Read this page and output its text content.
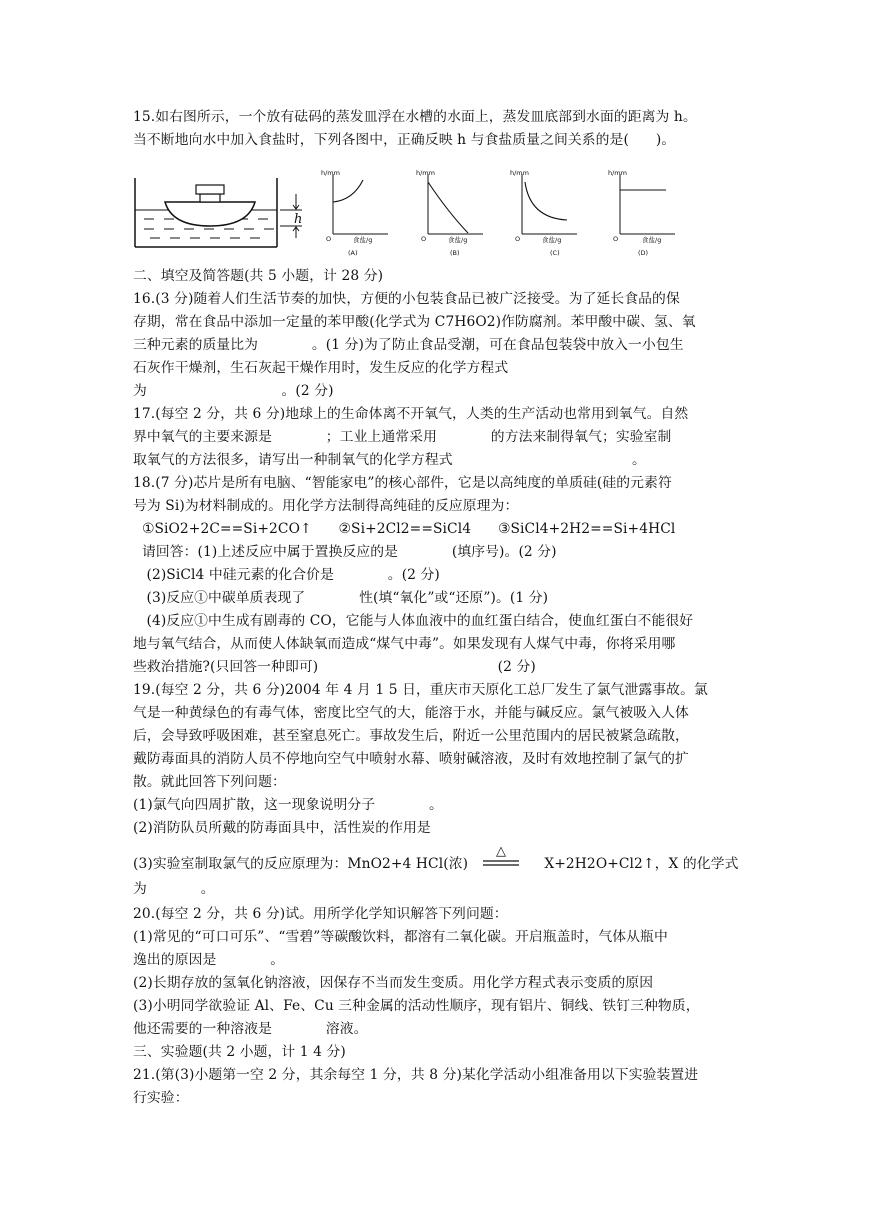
15.如右图所示，一个放有砝码的蒸发皿浮在水槽的水面上，蒸发皿底部到水面的距离为 h。
当不断地向水中加入食盐时，下列各图中，正确反映 h 与食盐质量之间关系的是(      )。
h
h/mm
食盐/g
O
(A)
h/mm
食盐/g
O
(B)
h/mm
食盐/g
O
(C)
h/mm
食盐/g
O
(D)
二、填空及简答题(共 5 小题，计 28 分)
16.(3 分)随着人们生活节奏的加快，方便的小包装食品已被广泛接受。为了延长食品的保
存期，常在食品中添加一定量的苯甲酸(化学式为 C7H6O2)作防腐剂。苯甲酸中碳、氢、氧
三种元素的质量比为            。(1 分)为了防止食品受潮，可在食品包装袋中放入一小包生
石灰作干燥剂，生石灰起干燥作用时，发生反应的化学方程式
为                              。(2 分)
17.(每空 2 分，共 6 分)地球上的生命体离不开氧气，人类的生产活动也常用到氧气。自然
界中氧气的主要来源是            ；工业上通常采用            的方法来制得氧气；实验室制
取氧气的方法很多，请写出一种制氧气的化学方程式                                        。
18.(7 分)芯片是所有电脑、“智能家电”的核心部件，它是以高纯度的单质硅(硅的元素符
号为 Si)为材料制成的。用化学方法制得高纯硅的反应原理为：
①SiO2+2C==Si+2CO↑      ②Si+2Cl2==SiCl4      ③SiCl4+2H2==Si+4HCl
请回答：(1)上述反应中属于置换反应的是            (填序号)。(2 分)
(2)SiCl4 中硅元素的化合价是            。(2 分)
(3)反应①中碳单质表现了            性(填“氧化”或“还原”)。(1 分)
(4)反应①中生成有剧毒的 CO，它能与人体血液中的血红蛋白结合，使血红蛋白不能很好
地与氧气结合，从而使人体缺氧而造成“煤气中毒”。如果发现有人煤气中毒，你将采用哪
些救治措施?(只回答一种即可)                                        (2 分)
19.(每空 2 分，共 6 分)2004 年 4 月 1 5 日，重庆市天原化工总厂发生了氯气泄露事故。氯
气是一种黄绿色的有毒气体，密度比空气的大，能溶于水，并能与碱反应。氯气被吸入人体
后，会导致呼吸困难，甚至窒息死亡。事故发生后，附近一公里范围内的居民被紧急疏散，
戴防毒面具的消防人员不停地向空气中喷射水幕、喷射碱溶液，及时有效地控制了氯气的扩
散。就此回答下列问题：
(1)氯气向四周扩散，这一现象说明分子            。
(2)消防队员所戴的防毒面具中，活性炭的作用是
(3)实验室制取氯气的反应原理为：MnO2+4 HCl(浓)                 X+2H2O+Cl2↑，X 的化学式
△
为            。
20.(每空 2 分，共 6 分)试。用所学化学知识解答下列问题：
(1)常见的“可口可乐”、“雪碧”等碳酸饮料，都溶有二氧化碳。开启瓶盖时，气体从瓶中
逸出的原因是            。
(2)长期存放的氢氧化钠溶液，因保存不当而发生变质。用化学方程式表示变质的原因
(3)小明同学欲验证 Al、Fe、Cu 三种金属的活动性顺序，现有铝片、铜线、铁钉三种物质，
他还需要的一种溶液是            溶液。
三、实验题(共 2 小题，计 1 4 分)
21.(第(3)小题第一空 2 分，其余每空 1 分，共 8 分)某化学活动小组准备用以下实验装置进
行实验：
